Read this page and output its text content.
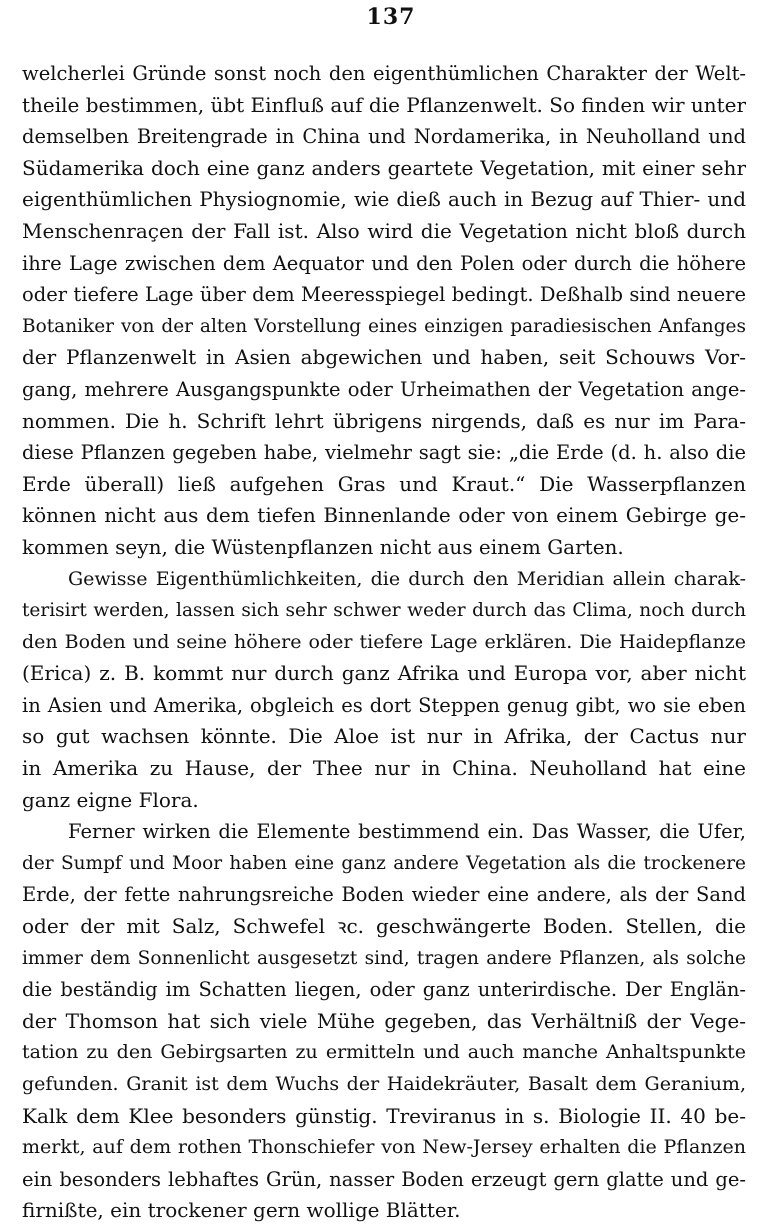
137
welcherlei Gründe sonst noch den eigenthümlichen Charakter der Welt-
theile bestimmen, übt Einfluß auf die Pflanzenwelt. So finden wir unter
demselben Breitengrade in China und Nordamerika, in Neuholland und
Südamerika doch eine ganz anders geartete Vegetation, mit einer sehr
eigenthümlichen Physiognomie, wie dieß auch in Bezug auf Thier- und
Menschenraçen der Fall ist. Also wird die Vegetation nicht bloß durch
ihre Lage zwischen dem Aequator und den Polen oder durch die höhere
oder tiefere Lage über dem Meeresspiegel bedingt. Deßhalb sind neuere
Botaniker von der alten Vorstellung eines einzigen paradiesischen Anfanges
der Pflanzenwelt in Asien abgewichen und haben, seit Schouws Vor-
gang, mehrere Ausgangspunkte oder Urheimathen der Vegetation ange-
nommen. Die h. Schrift lehrt übrigens nirgends, daß es nur im Para-
diese Pflanzen gegeben habe, vielmehr sagt sie: „die Erde (d. h. also die
Erde überall) ließ aufgehen Gras und Kraut.“ Die Wasserpflanzen
können nicht aus dem tiefen Binnenlande oder von einem Gebirge ge-
kommen seyn, die Wüstenpflanzen nicht aus einem Garten.
Gewisse Eigenthümlichkeiten, die durch den Meridian allein charak-
terisirt werden, lassen sich sehr schwer weder durch das Clima, noch durch
den Boden und seine höhere oder tiefere Lage erklären. Die Haidepflanze
(Erica) z. B. kommt nur durch ganz Afrika und Europa vor, aber nicht
in Asien und Amerika, obgleich es dort Steppen genug gibt, wo sie eben
so gut wachsen könnte. Die Aloe ist nur in Afrika, der Cactus nur
in Amerika zu Hause, der Thee nur in China. Neuholland hat eine
ganz eigne Flora.
Ferner wirken die Elemente bestimmend ein. Das Wasser, die Ufer,
der Sumpf und Moor haben eine ganz andere Vegetation als die trockenere
Erde, der fette nahrungsreiche Boden wieder eine andere, als der Sand
oder der mit Salz, Schwefel ꝛc. geschwängerte Boden. Stellen, die
immer dem Sonnenlicht ausgesetzt sind, tragen andere Pflanzen, als solche
die beständig im Schatten liegen, oder ganz unterirdische. Der Englän-
der Thomson hat sich viele Mühe gegeben, das Verhältniß der Vege-
tation zu den Gebirgsarten zu ermitteln und auch manche Anhaltspunkte
gefunden. Granit ist dem Wuchs der Haidekräuter, Basalt dem Geranium,
Kalk dem Klee besonders günstig. Treviranus in s. Biologie II. 40 be-
merkt, auf dem rothen Thonschiefer von New-Jersey erhalten die Pflanzen
ein besonders lebhaftes Grün, nasser Boden erzeugt gern glatte und ge-
firnißte, ein trockener gern wollige Blätter.
